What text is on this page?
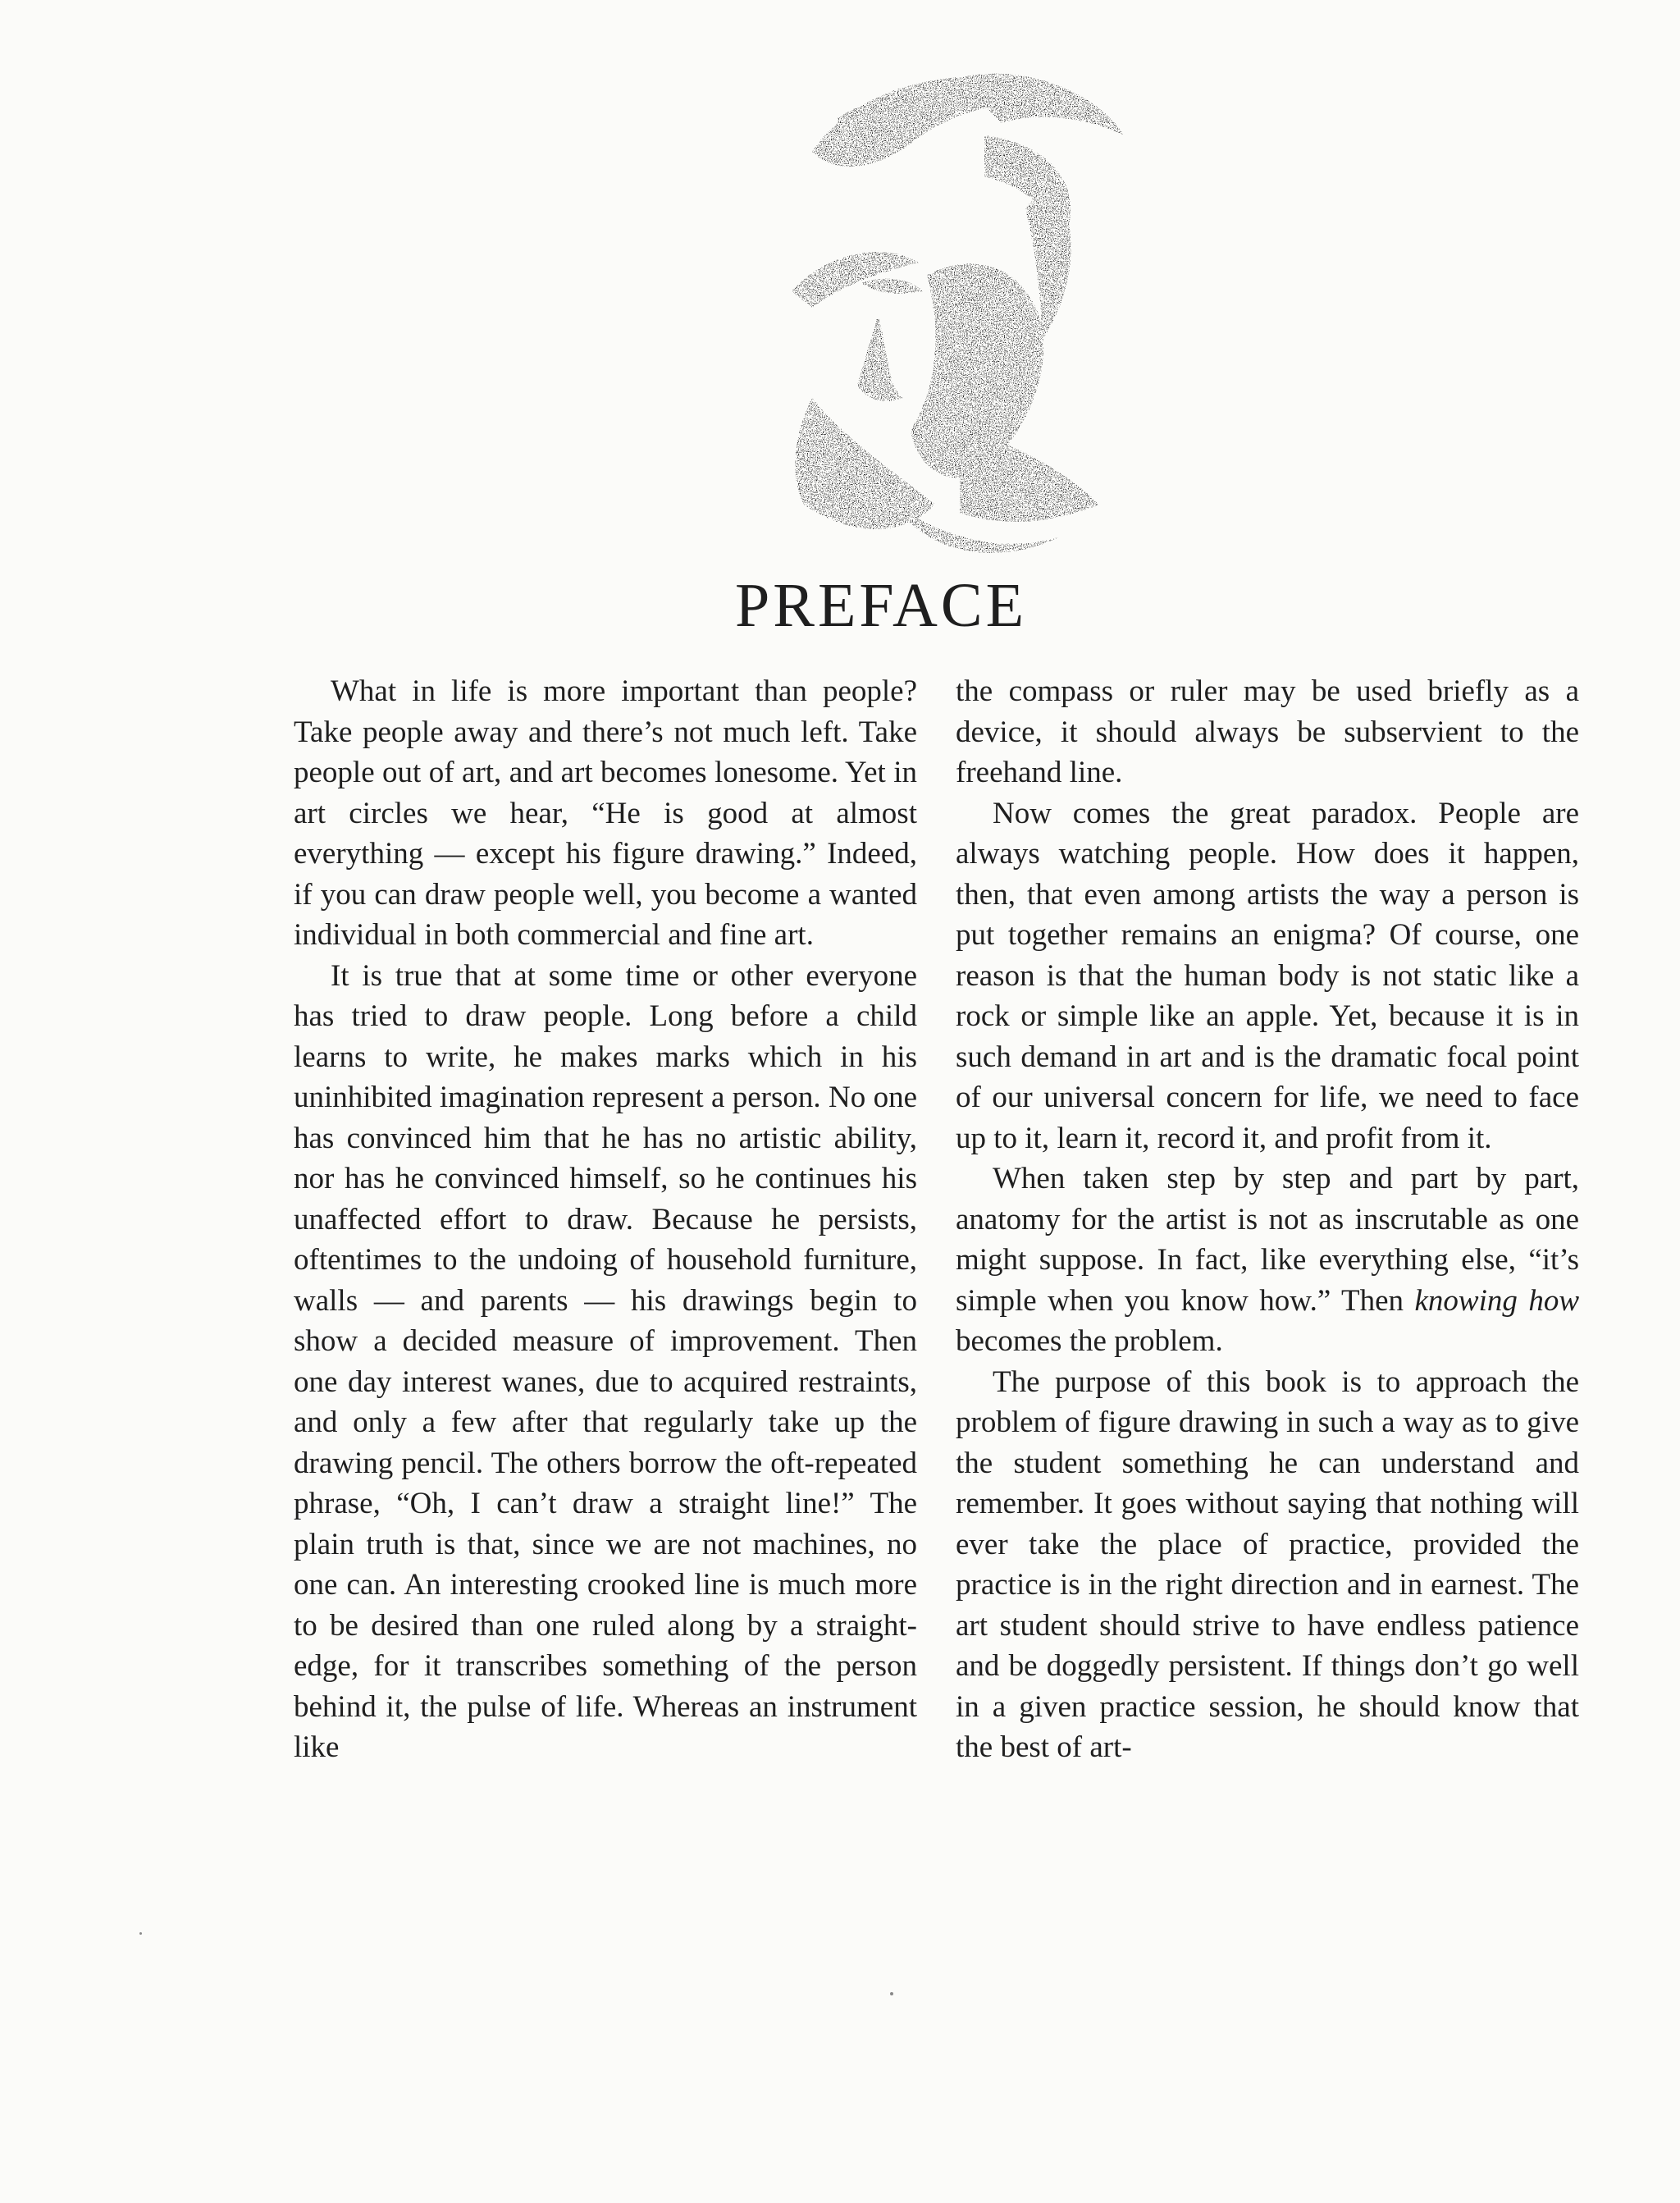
PREFACE

What in life is more important than people? Take people away and there’s not much left. Take people out of art, and art becomes lonesome. Yet in art circles we hear, “He is good at almost everything — except his figure drawing.” Indeed, if you can draw people well, you become a wanted individual in both commercial and fine art.

It is true that at some time or other everyone has tried to draw people. Long before a child learns to write, he makes marks which in his uninhibited imagination represent a person. No one has convinced him that he has no artistic ability, nor has he convinced himself, so he continues his unaffected effort to draw. Because he persists, oftentimes to the undoing of household furniture, walls — and parents — his drawings begin to show a decided measure of improvement. Then one day interest wanes, due to acquired restraints, and only a few after that regularly take up the drawing pencil. The others borrow the oft-repeated phrase, “Oh, I can’t draw a straight line!” The plain truth is that, since we are not machines, no one can. An interesting crooked line is much more to be desired than one ruled along by a straight-edge, for it transcribes something of the person behind it, the pulse of life. Whereas an instrument like

the compass or ruler may be used briefly as a device, it should always be subservient to the freehand line.

Now comes the great paradox. People are always watching people. How does it happen, then, that even among artists the way a person is put together remains an enigma? Of course, one reason is that the human body is not static like a rock or simple like an apple. Yet, because it is in such demand in art and is the dramatic focal point of our universal concern for life, we need to face up to it, learn it, record it, and profit from it.

When taken step by step and part by part, anatomy for the artist is not as inscrutable as one might suppose. In fact, like everything else, “it’s simple when you know how.” Then knowing how becomes the problem.

The purpose of this book is to approach the problem of figure drawing in such a way as to give the student something he can understand and remember. It goes without saying that nothing will ever take the place of practice, provided the practice is in the right direction and in earnest. The art student should strive to have endless patience and be doggedly persistent. If things don’t go well in a given practice session, he should know that the best of art-
